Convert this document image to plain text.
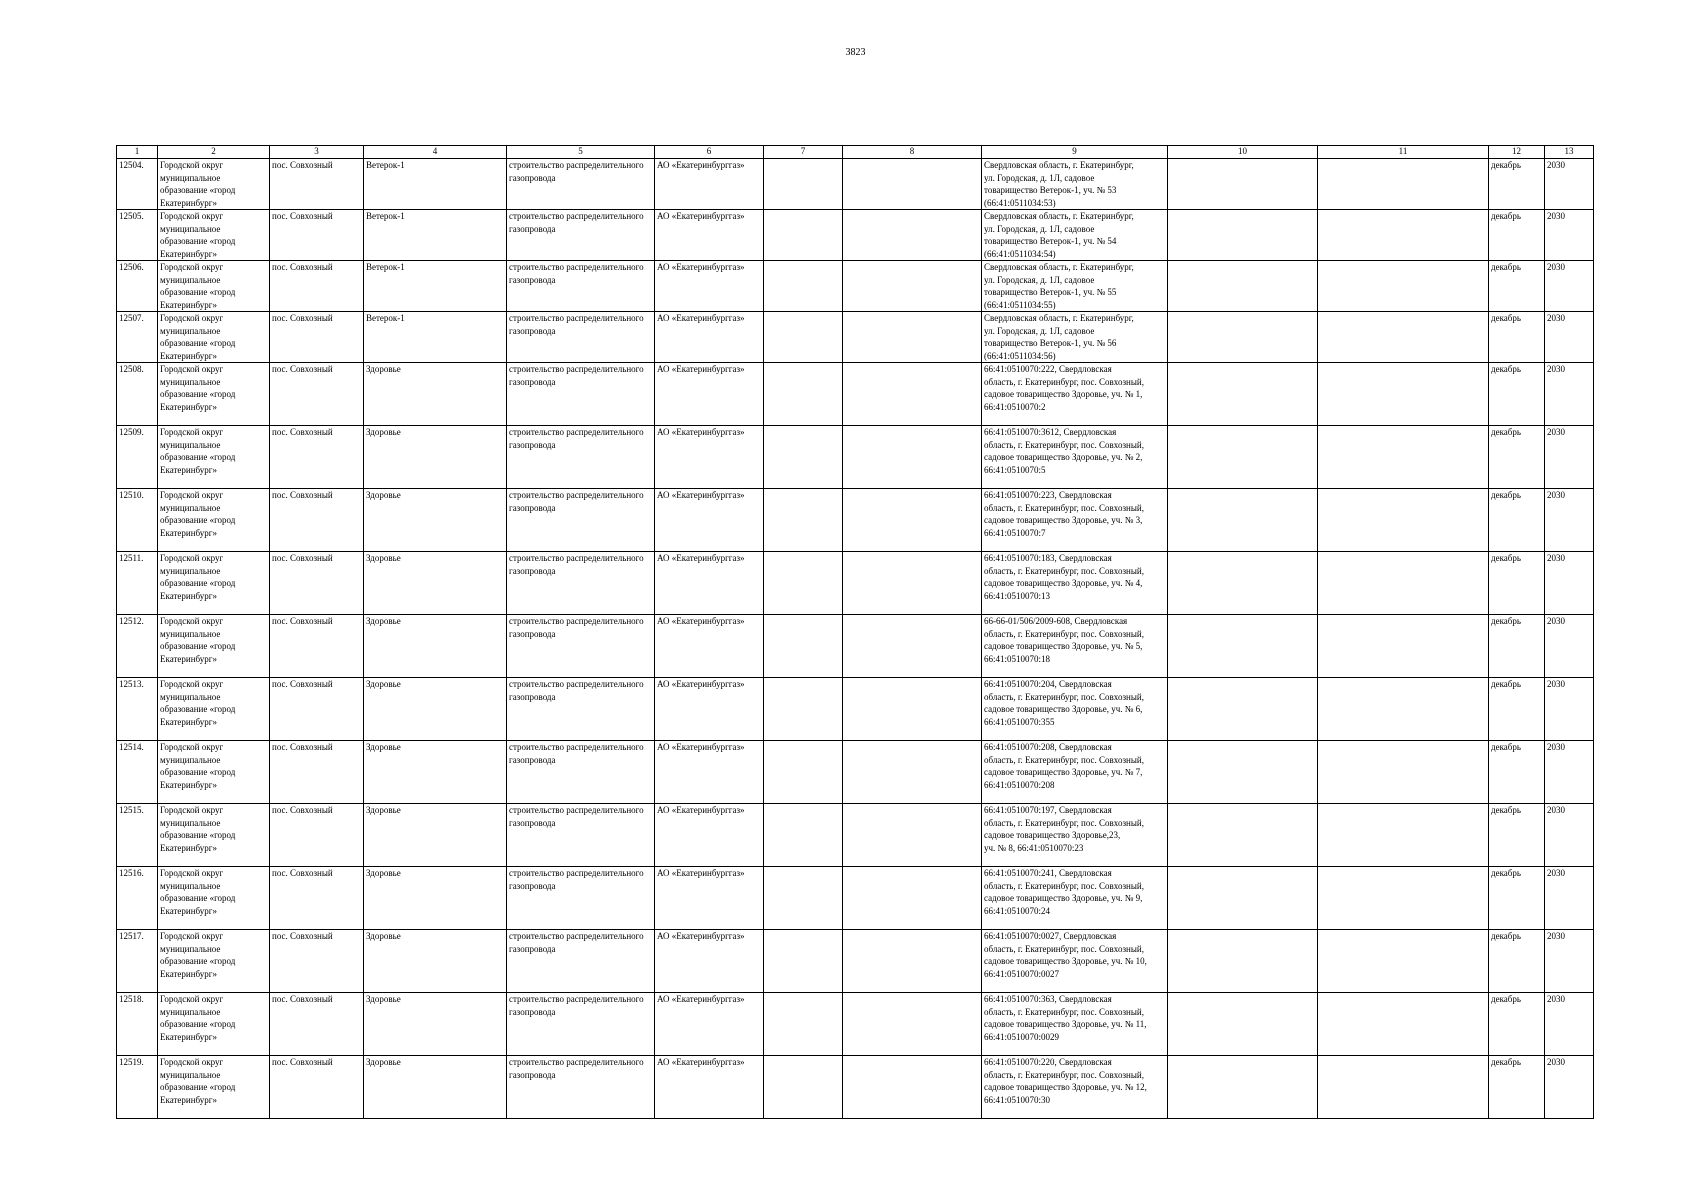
3823
1	2	3	4	5	6	7	8	9	10	11	12	13
12504.	Городской округ муниципальное образование «город Екатеринбург»	пос. Совхозный	Ветерок-1	строительство распределительного газопровода	АО «Екатеринбурггаз»			Свердловская область, г. Екатеринбург,
ул. Городская, д. 1Л, садовое
товарищество Ветерок-1, уч. № 53
(66:41:0511034:53)			декабрь	2030
12505.	Городской округ муниципальное образование «город Екатеринбург»	пос. Совхозный	Ветерок-1	строительство распределительного газопровода	АО «Екатеринбурггаз»			Свердловская область, г. Екатеринбург,
ул. Городская, д. 1Л, садовое
товарищество Ветерок-1, уч. № 54
(66:41:0511034:54)			декабрь	2030
12506.	Городской округ муниципальное образование «город Екатеринбург»	пос. Совхозный	Ветерок-1	строительство распределительного газопровода	АО «Екатеринбурггаз»			Свердловская область, г. Екатеринбург,
ул. Городская, д. 1Л, садовое
товарищество Ветерок-1, уч. № 55
(66:41:0511034:55)			декабрь	2030
12507.	Городской округ муниципальное образование «город Екатеринбург»	пос. Совхозный	Ветерок-1	строительство распределительного газопровода	АО «Екатеринбурггаз»			Свердловская область, г. Екатеринбург,
ул. Городская, д. 1Л, садовое
товарищество Ветерок-1, уч. № 56
(66:41:0511034:56)			декабрь	2030
12508.	Городской округ муниципальное образование «город Екатеринбург»	пос. Совхозный	Здоровье	строительство распределительного газопровода	АО «Екатеринбурггаз»			66:41:0510070:222, Свердловская
область, г. Екатеринбург, пос. Совхозный,
садовое товарищество Здоровье, уч. № 1,
66:41:0510070:2			декабрь	2030
12509.	Городской округ муниципальное образование «город Екатеринбург»	пос. Совхозный	Здоровье	строительство распределительного газопровода	АО «Екатеринбурггаз»			66:41:0510070:3612, Свердловская
область, г. Екатеринбург, пос. Совхозный,
садовое товарищество Здоровье, уч. № 2,
66:41:0510070:5			декабрь	2030
12510.	Городской округ муниципальное образование «город Екатеринбург»	пос. Совхозный	Здоровье	строительство распределительного газопровода	АО «Екатеринбурггаз»			66:41:0510070:223, Свердловская
область, г. Екатеринбург, пос. Совхозный,
садовое товарищество Здоровье, уч. № 3,
66:41:0510070:7			декабрь	2030
12511.	Городской округ муниципальное образование «город Екатеринбург»	пос. Совхозный	Здоровье	строительство распределительного газопровода	АО «Екатеринбурггаз»			66:41:0510070:183, Свердловская
область, г. Екатеринбург, пос. Совхозный,
садовое товарищество Здоровье, уч. № 4,
66:41:0510070:13			декабрь	2030
12512.	Городской округ муниципальное образование «город Екатеринбург»	пос. Совхозный	Здоровье	строительство распределительного газопровода	АО «Екатеринбурггаз»			66-66-01/506/2009-608, Свердловская
область, г. Екатеринбург, пос. Совхозный,
садовое товарищество Здоровье, уч. № 5,
66:41:0510070:18			декабрь	2030
12513.	Городской округ муниципальное образование «город Екатеринбург»	пос. Совхозный	Здоровье	строительство распределительного газопровода	АО «Екатеринбурггаз»			66:41:0510070:204, Свердловская
область, г. Екатеринбург, пос. Совхозный,
садовое товарищество Здоровье, уч. № 6,
66:41:0510070:355			декабрь	2030
12514.	Городской округ муниципальное образование «город Екатеринбург»	пос. Совхозный	Здоровье	строительство распределительного газопровода	АО «Екатеринбурггаз»			66:41:0510070:208, Свердловская
область, г. Екатеринбург, пос. Совхозный,
садовое товарищество Здоровье, уч. № 7,
66:41:0510070:208			декабрь	2030
12515.	Городской округ муниципальное образование «город Екатеринбург»	пос. Совхозный	Здоровье	строительство распределительного газопровода	АО «Екатеринбурггаз»			66:41:0510070:197, Свердловская
область, г. Екатеринбург, пос. Совхозный,
садовое товарищество Здоровье,23,
уч. № 8, 66:41:0510070:23			декабрь	2030
12516.	Городской округ муниципальное образование «город Екатеринбург»	пос. Совхозный	Здоровье	строительство распределительного газопровода	АО «Екатеринбурггаз»			66:41:0510070:241, Свердловская
область, г. Екатеринбург, пос. Совхозный,
садовое товарищество Здоровье, уч. № 9,
66:41:0510070:24			декабрь	2030
12517.	Городской округ муниципальное образование «город Екатеринбург»	пос. Совхозный	Здоровье	строительство распределительного газопровода	АО «Екатеринбурггаз»			66:41:0510070:0027, Свердловская
область, г. Екатеринбург, пос. Совхозный,
садовое товарищество Здоровье, уч. № 10,
66:41:0510070:0027			декабрь	2030
12518.	Городской округ муниципальное образование «город Екатеринбург»	пос. Совхозный	Здоровье	строительство распределительного газопровода	АО «Екатеринбурггаз»			66:41:0510070:363, Свердловская
область, г. Екатеринбург, пос. Совхозный,
садовое товарищество Здоровье, уч. № 11,
66:41:0510070:0029			декабрь	2030
12519.	Городской округ муниципальное образование «город Екатеринбург»	пос. Совхозный	Здоровье	строительство распределительного газопровода	АО «Екатеринбурггаз»			66:41:0510070:220, Свердловская
область, г. Екатеринбург, пос. Совхозный,
садовое товарищество Здоровье, уч. № 12,
66:41:0510070:30			декабрь	2030
